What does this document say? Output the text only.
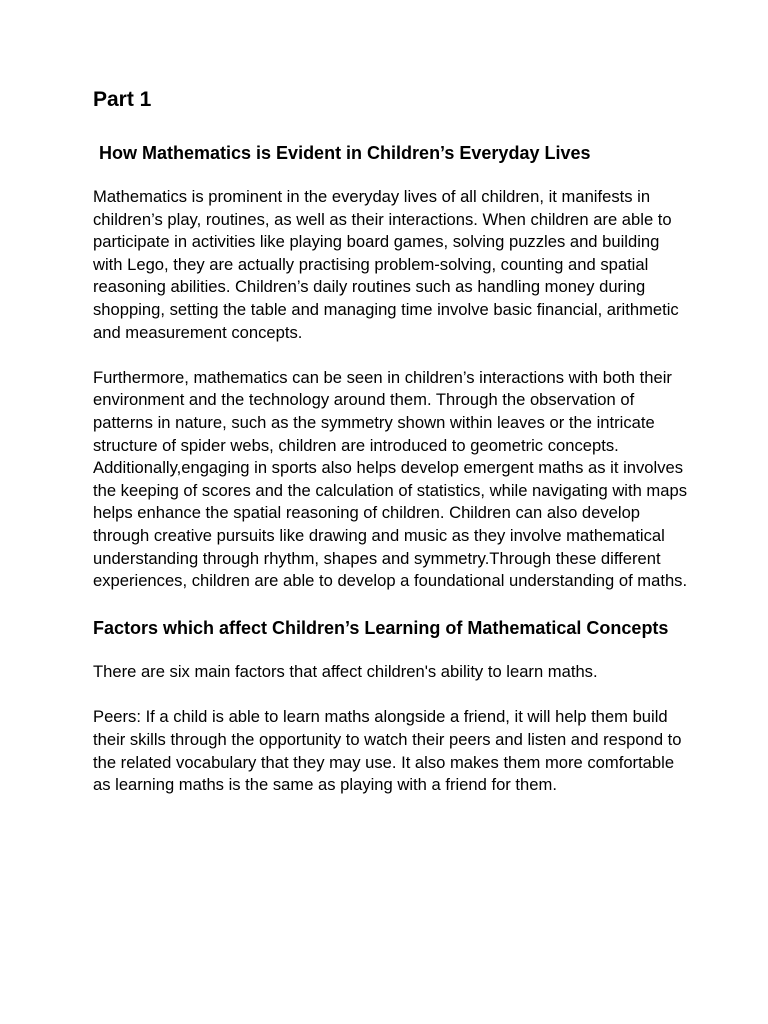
Part 1
How Mathematics is Evident in Children’s Everyday Lives

Mathematics is prominent in the everyday lives of all children, it manifests in children’s play, routines, as well as their interactions. When children are able to participate in activities like playing board games, solving puzzles and building with Lego, they are actually practising problem-solving, counting and spatial reasoning abilities. Children’s daily routines such as handling money during shopping, setting the table and managing time involve basic financial, arithmetic and measurement concepts.

Furthermore, mathematics can be seen in children’s interactions with both their environment and the technology around them. Through the observation of patterns in nature, such as the symmetry shown within leaves or the intricate structure of spider webs, children are introduced to geometric concepts. Additionally,engaging in sports also helps develop emergent maths as it involves the keeping of scores and the calculation of statistics, while navigating with maps helps enhance the spatial reasoning of children. Children can also develop through creative pursuits like drawing and music as they involve mathematical understanding through rhythm, shapes and symmetry.Through these different experiences, children are able to develop a foundational understanding of maths.

Factors which affect Children’s Learning of Mathematical Concepts

There are six main factors that affect children's ability to learn maths.

Peers: If a child is able to learn maths alongside a friend, it will help them build their skills through the opportunity to watch their peers and listen and respond to the related vocabulary that they may use. It also makes them more comfortable as learning maths is the same as playing with a friend for them.
